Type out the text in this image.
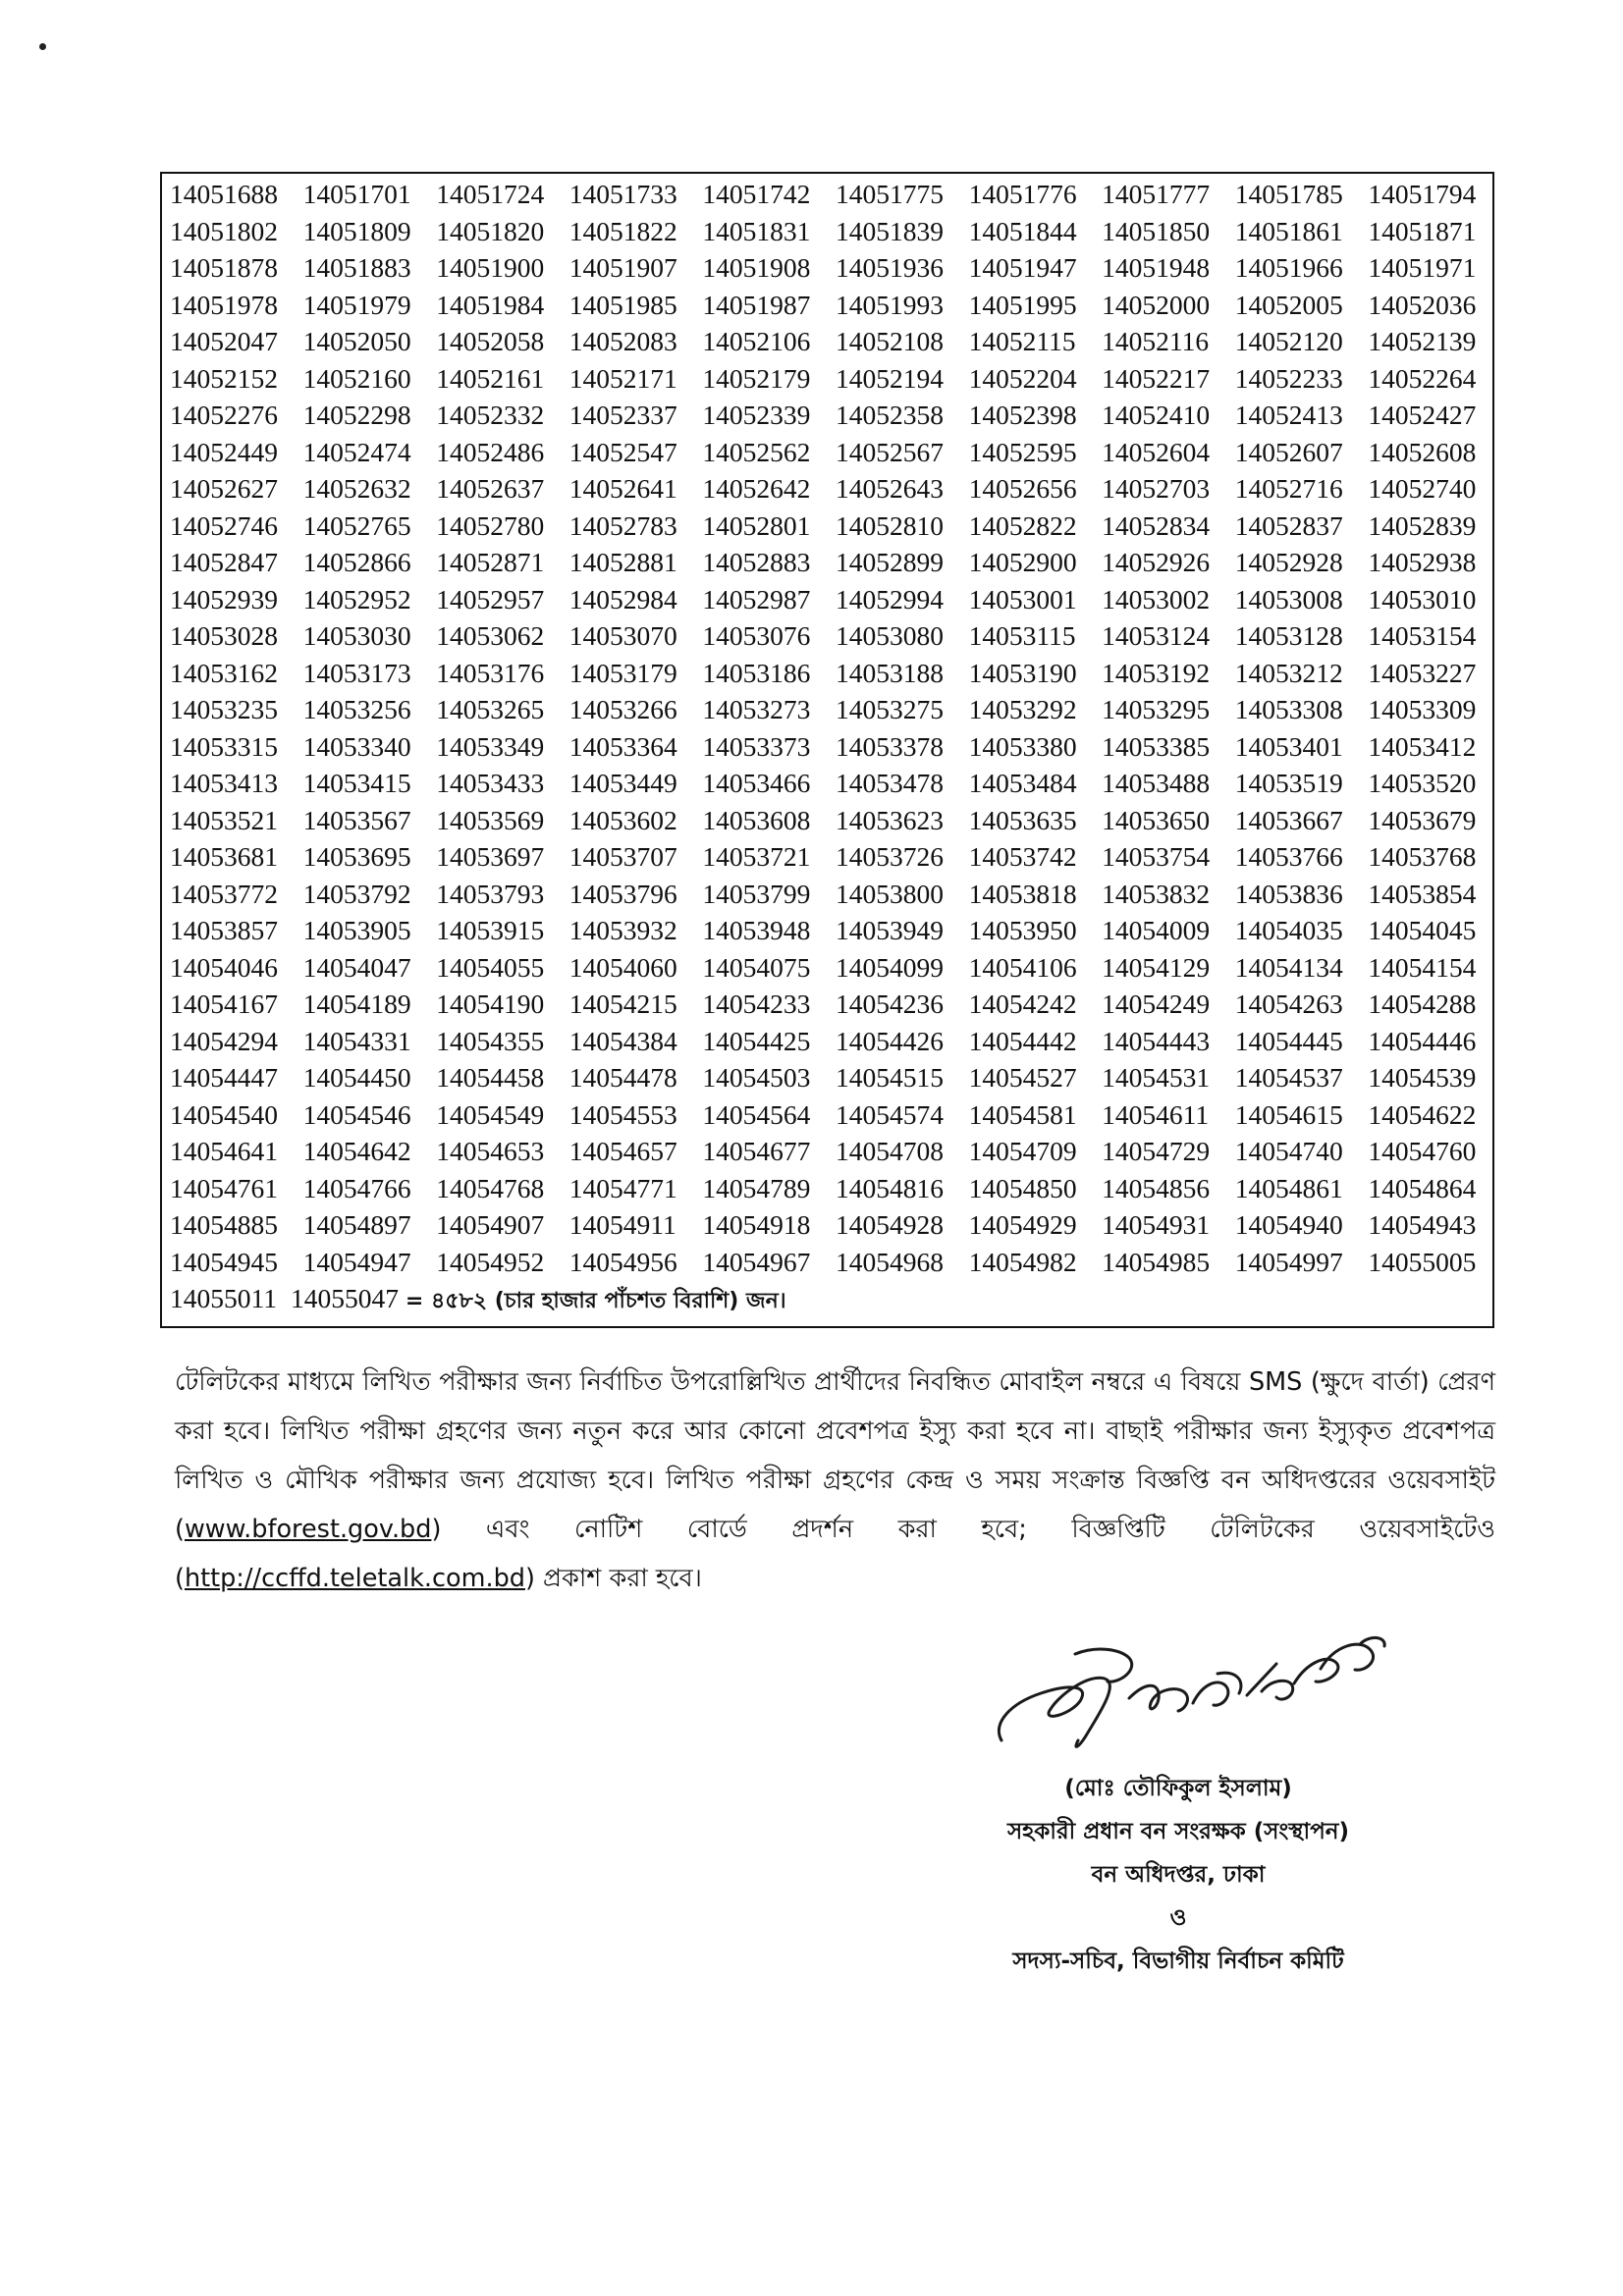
14051688 14051701 14051724 14051733 14051742 14051775 14051776 14051777 14051785 14051794
14051802 14051809 14051820 14051822 14051831 14051839 14051844 14051850 14051861 14051871
14051878 14051883 14051900 14051907 14051908 14051936 14051947 14051948 14051966 14051971
14051978 14051979 14051984 14051985 14051987 14051993 14051995 14052000 14052005 14052036
14052047 14052050 14052058 14052083 14052106 14052108 14052115 14052116 14052120 14052139
14052152 14052160 14052161 14052171 14052179 14052194 14052204 14052217 14052233 14052264
14052276 14052298 14052332 14052337 14052339 14052358 14052398 14052410 14052413 14052427
14052449 14052474 14052486 14052547 14052562 14052567 14052595 14052604 14052607 14052608
14052627 14052632 14052637 14052641 14052642 14052643 14052656 14052703 14052716 14052740
14052746 14052765 14052780 14052783 14052801 14052810 14052822 14052834 14052837 14052839
14052847 14052866 14052871 14052881 14052883 14052899 14052900 14052926 14052928 14052938
14052939 14052952 14052957 14052984 14052987 14052994 14053001 14053002 14053008 14053010
14053028 14053030 14053062 14053070 14053076 14053080 14053115 14053124 14053128 14053154
14053162 14053173 14053176 14053179 14053186 14053188 14053190 14053192 14053212 14053227
14053235 14053256 14053265 14053266 14053273 14053275 14053292 14053295 14053308 14053309
14053315 14053340 14053349 14053364 14053373 14053378 14053380 14053385 14053401 14053412
14053413 14053415 14053433 14053449 14053466 14053478 14053484 14053488 14053519 14053520
14053521 14053567 14053569 14053602 14053608 14053623 14053635 14053650 14053667 14053679
14053681 14053695 14053697 14053707 14053721 14053726 14053742 14053754 14053766 14053768
14053772 14053792 14053793 14053796 14053799 14053800 14053818 14053832 14053836 14053854
14053857 14053905 14053915 14053932 14053948 14053949 14053950 14054009 14054035 14054045
14054046 14054047 14054055 14054060 14054075 14054099 14054106 14054129 14054134 14054154
14054167 14054189 14054190 14054215 14054233 14054236 14054242 14054249 14054263 14054288
14054294 14054331 14054355 14054384 14054425 14054426 14054442 14054443 14054445 14054446
14054447 14054450 14054458 14054478 14054503 14054515 14054527 14054531 14054537 14054539
14054540 14054546 14054549 14054553 14054564 14054574 14054581 14054611 14054615 14054622
14054641 14054642 14054653 14054657 14054677 14054708 14054709 14054729 14054740 14054760
14054761 14054766 14054768 14054771 14054789 14054816 14054850 14054856 14054861 14054864
14054885 14054897 14054907 14054911 14054918 14054928 14054929 14054931 14054940 14054943
14054945 14054947 14054952 14054956 14054967 14054968 14054982 14054985 14054997 14055005
14055011 14055047 = ৪৫৮২ (চার হাজার পাঁচশত বিরাশি) জন।

টেলিটকের মাধ্যমে লিখিত পরীক্ষার জন্য নির্বাচিত উপরোল্লিখিত প্রার্থীদের নিবন্ধিত মোবাইল নম্বরে এ বিষয়ে SMS (ক্ষুদে বার্তা) প্রেরণ করা হবে। লিখিত পরীক্ষা গ্রহণের জন্য নতুন করে আর কোনো প্রবেশপত্র ইস্যু করা হবে না। বাছাই পরীক্ষার জন্য ইস্যুকৃত প্রবেশপত্র লিখিত ও মৌখিক পরীক্ষার জন্য প্রযোজ্য হবে। লিখিত পরীক্ষা গ্রহণের কেন্দ্র ও সময় সংক্রান্ত বিজ্ঞপ্তি বন অধিদপ্তরের ওয়েবসাইট (www.bforest.gov.bd) এবং নোটিশ বোর্ডে প্রদর্শন করা হবে; বিজ্ঞপ্তিটি টেলিটকের ওয়েবসাইটেও (http://ccffd.teletalk.com.bd) প্রকাশ করা হবে।

(মোঃ তৌফিকুল ইসলাম)
সহকারী প্রধান বন সংরক্ষক (সংস্থাপন)
বন অধিদপ্তর, ঢাকা
ও
সদস্য-সচিব, বিভাগীয় নির্বাচন কমিটি
